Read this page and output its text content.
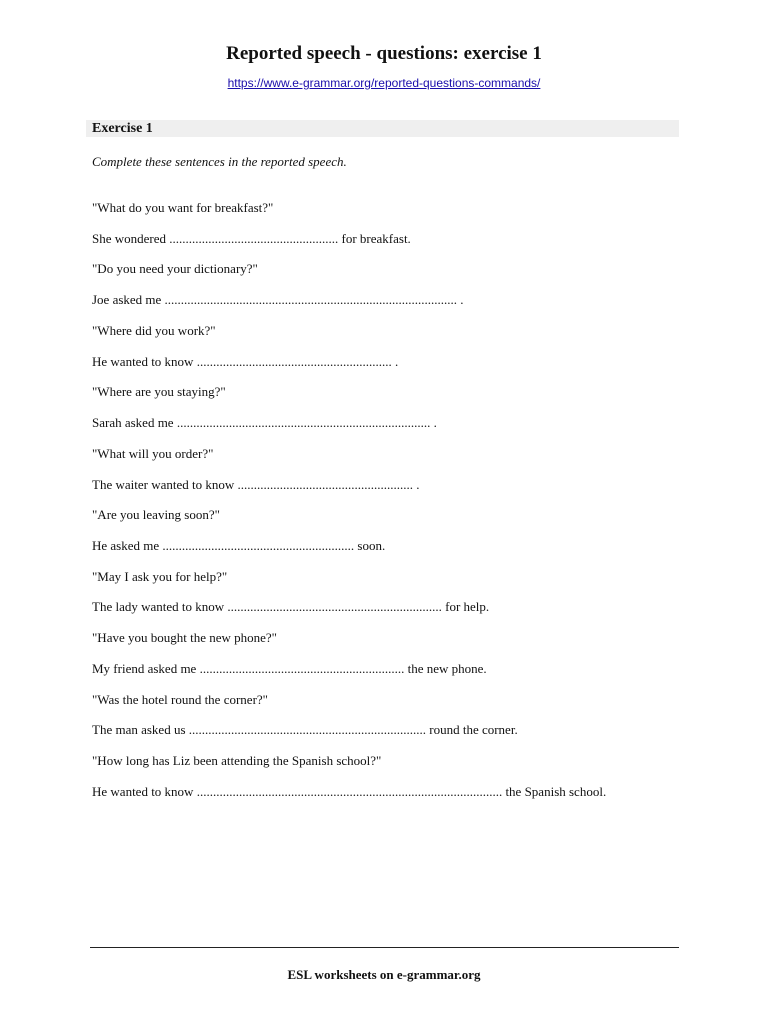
Reported speech - questions: exercise 1
https://www.e-grammar.org/reported-questions-commands/
Exercise 1
Complete these sentences in the reported speech.
"What do you want for breakfast?"
She wondered .................................................... for breakfast.
"Do you need your dictionary?"
Joe asked me .......................................................................................... .
"Where did you work?"
He wanted to know ............................................................ .
"Where are you staying?"
Sarah asked me .............................................................................. .
"What will you order?"
The waiter wanted to know ...................................................... .
"Are you leaving soon?"
He asked me ........................................................... soon.
"May I ask you for help?"
The lady wanted to know .................................................................. for help.
"Have you bought the new phone?"
My friend asked me ............................................................... the new phone.
"Was the hotel round the corner?"
The man asked us ......................................................................... round the corner.
"How long has Liz been attending the Spanish school?"
He wanted to know .............................................................................................. the Spanish school.
ESL worksheets on e-grammar.org
